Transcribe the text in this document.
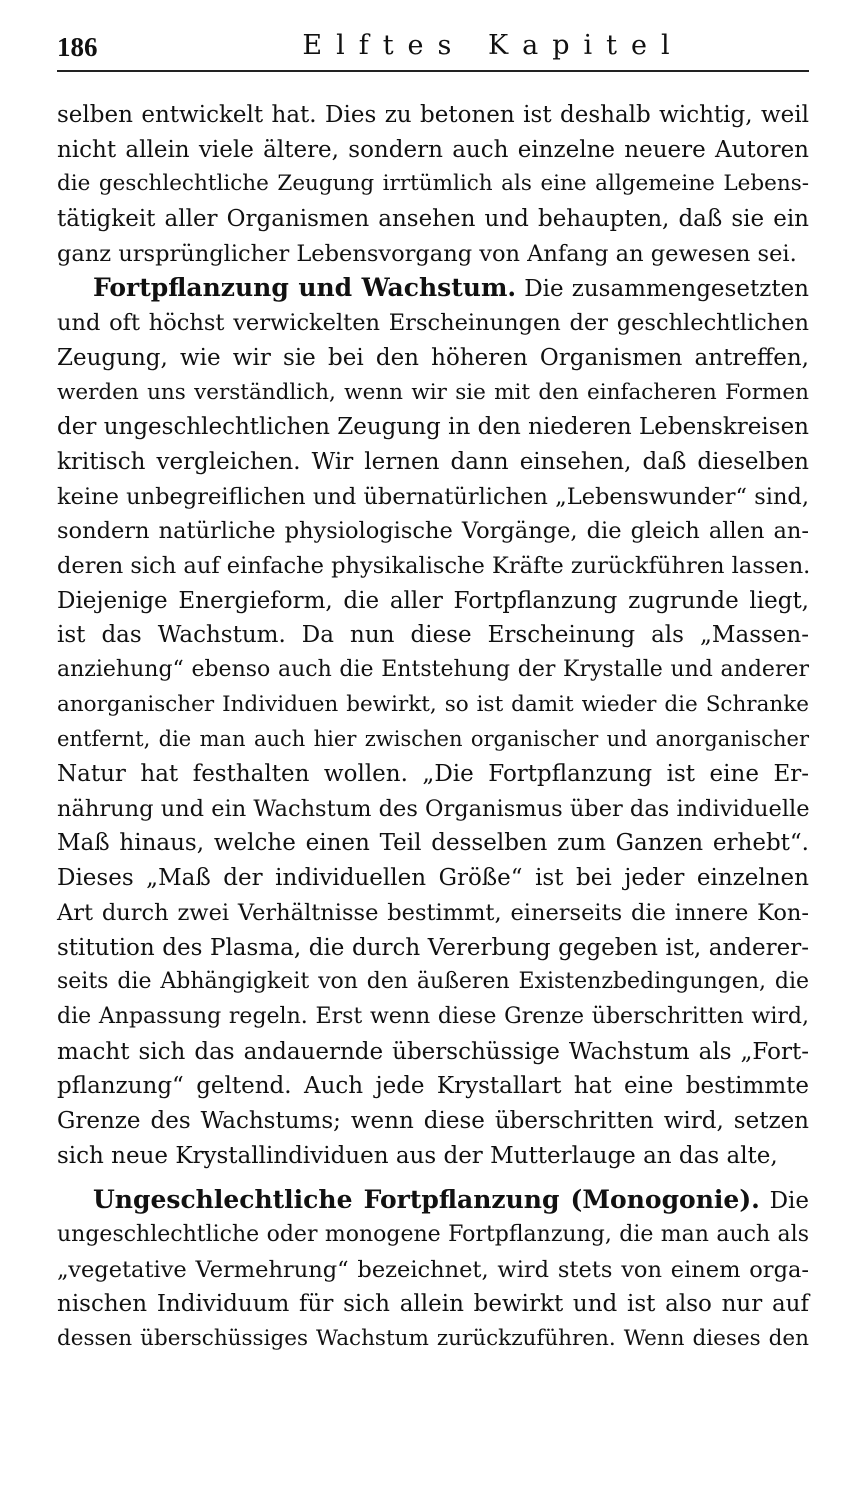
186	Elftes Kapitel
selben entwickelt hat. Dies zu betonen ist deshalb wichtig, weil
nicht allein viele ältere, sondern auch einzelne neuere Autoren
die geschlechtliche Zeugung irrtümlich als eine allgemeine Lebens-
tätigkeit aller Organismen ansehen und behaupten, daß sie ein
ganz ursprünglicher Lebensvorgang von Anfang an gewesen sei.
Fortpflanzung und Wachstum. Die zusammengesetzten
und oft höchst verwickelten Erscheinungen der geschlechtlichen
Zeugung, wie wir sie bei den höheren Organismen antreffen,
werden uns verständlich, wenn wir sie mit den einfacheren Formen
der ungeschlechtlichen Zeugung in den niederen Lebenskreisen
kritisch vergleichen. Wir lernen dann einsehen, daß dieselben
keine unbegreiflichen und übernatürlichen „Lebenswunder“ sind,
sondern natürliche physiologische Vorgänge, die gleich allen an-
deren sich auf einfache physikalische Kräfte zurückführen lassen.
Diejenige Energieform, die aller Fortpflanzung zugrunde liegt,
ist das Wachstum. Da nun diese Erscheinung als „Massen-
anziehung“ ebenso auch die Entstehung der Krystalle und anderer
anorganischer Individuen bewirkt, so ist damit wieder die Schranke
entfernt, die man auch hier zwischen organischer und anorganischer
Natur hat festhalten wollen. „Die Fortpflanzung ist eine Er-
nährung und ein Wachstum des Organismus über das individuelle
Maß hinaus, welche einen Teil desselben zum Ganzen erhebt“.
Dieses „Maß der individuellen Größe“ ist bei jeder einzelnen
Art durch zwei Verhältnisse bestimmt, einerseits die innere Kon-
stitution des Plasma, die durch Vererbung gegeben ist, anderer-
seits die Abhängigkeit von den äußeren Existenzbedingungen, die
die Anpassung regeln. Erst wenn diese Grenze überschritten wird,
macht sich das andauernde überschüssige Wachstum als „Fort-
pflanzung“ geltend. Auch jede Krystallart hat eine bestimmte
Grenze des Wachstums; wenn diese überschritten wird, setzen
sich neue Krystallindividuen aus der Mutterlauge an das alte,
Ungeschlechtliche Fortpflanzung (Monogonie). Die
ungeschlechtliche oder monogene Fortpflanzung, die man auch als
„vegetative Vermehrung“ bezeichnet, wird stets von einem orga-
nischen Individuum für sich allein bewirkt und ist also nur auf
dessen überschüssiges Wachstum zurückzuführen. Wenn dieses den
